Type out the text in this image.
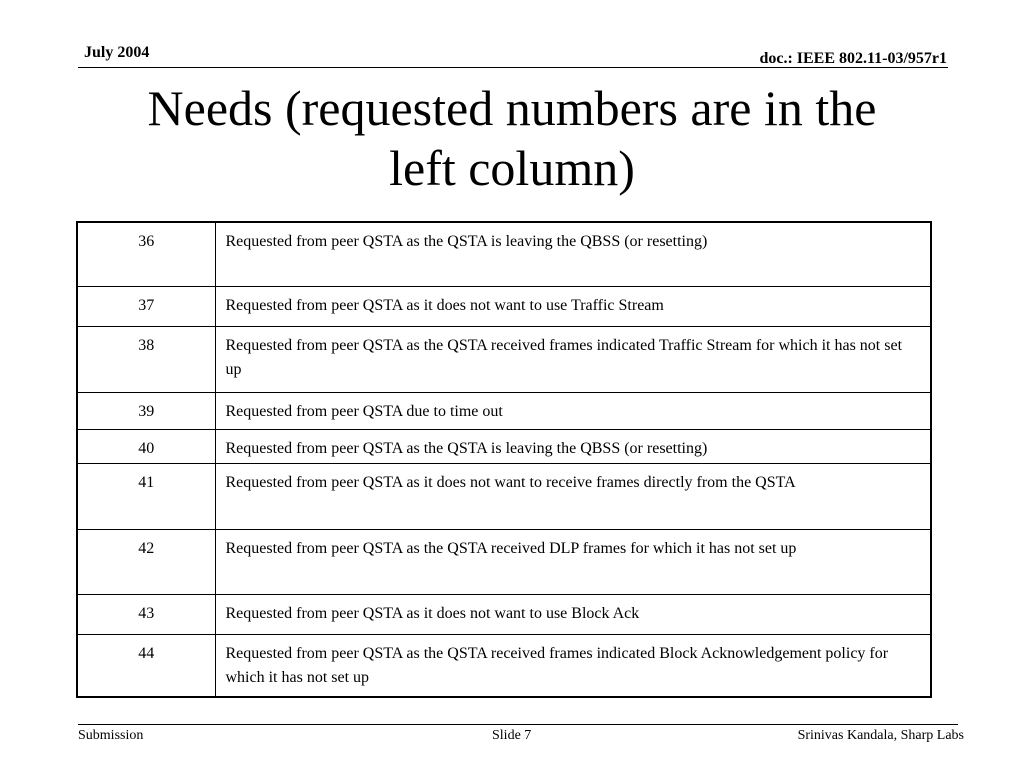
July 2004	doc.: IEEE 802.11-03/957r1
Needs (requested numbers are in the
left column)
36	Requested from peer QSTA as the QSTA is leaving the QBSS (or resetting)
37	Requested from peer QSTA as it does not want to use Traffic Stream
38	Requested from peer QSTA as the QSTA received frames indicated Traffic Stream for which it has not set up
39	Requested from peer QSTA due to time out
40	Requested from peer QSTA as the QSTA is leaving the QBSS (or resetting)
41	Requested from peer QSTA as it does not want to receive frames directly from the QSTA
42	Requested from peer QSTA as the QSTA received DLP frames for which it has not set up
43	Requested from peer QSTA as it does not want to use Block Ack
44	Requested from peer QSTA as the QSTA received frames indicated Block Acknowledgement policy for which it has not set up
Submission	Slide 7	Srinivas Kandala, Sharp Labs
